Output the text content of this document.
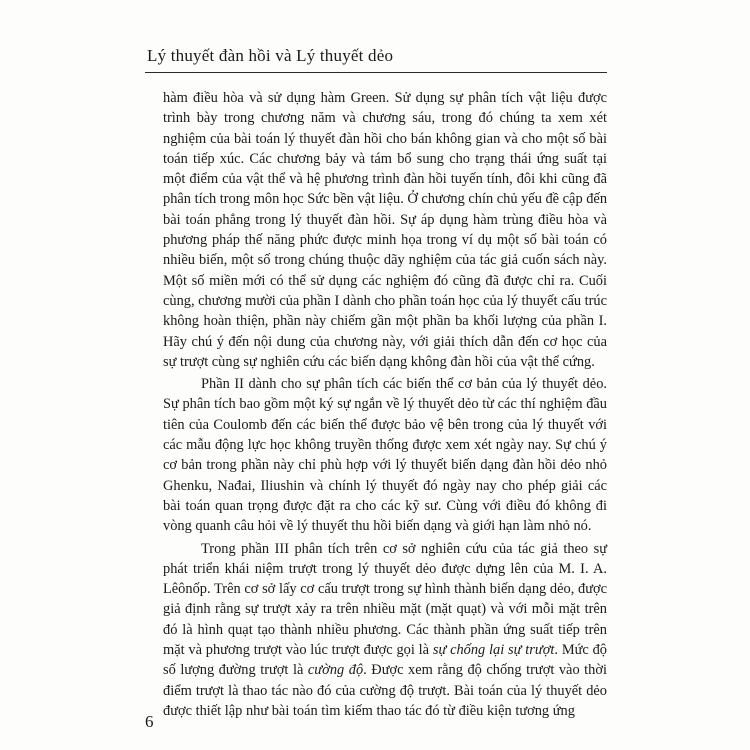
Lý thuyết đàn hồi và Lý thuyết dẻo

hàm điều hòa và sử dụng hàm Green. Sử dụng sự phân tích vật liệu được trình bày trong chương năm và chương sáu, trong đó chúng ta xem xét nghiệm của bài toán lý thuyết đàn hồi cho bán không gian và cho một số bài toán tiếp xúc. Các chương bảy và tám bổ sung cho trạng thái ứng suất tại một điểm của vật thể và hệ phương trình đàn hồi tuyến tính, đôi khi cũng đã phân tích trong môn học Sức bền vật liệu. Ở chương chín chủ yếu đề cập đến bài toán phẳng trong lý thuyết đàn hồi. Sự áp dụng hàm trùng điều hòa và phương pháp thế năng phức được minh họa trong ví dụ một số bài toán có nhiều biến, một số trong chúng thuộc dãy nghiệm của tác giả cuốn sách này. Một số miền mới có thể sử dụng các nghiệm đó cũng đã được chỉ ra. Cuối cùng, chương mười của phần I dành cho phần toán học của lý thuyết cấu trúc không hoàn thiện, phần này chiếm gần một phần ba khối lượng của phần I. Hãy chú ý đến nội dung của chương này, với giải thích dẫn đến cơ học của sự trượt cùng sự nghiên cứu các biến dạng không đàn hồi của vật thể cứng.

Phần II dành cho sự phân tích các biến thể cơ bản của lý thuyết dẻo. Sự phân tích bao gồm một ký sự ngắn về lý thuyết dẻo từ các thí nghiệm đầu tiên của Coulomb đến các biến thể được bảo vệ bên trong của lý thuyết với các mẫu động lực học không truyền thống được xem xét ngày nay. Sự chú ý cơ bản trong phần này chỉ phù hợp với lý thuyết biến dạng đàn hồi dẻo nhỏ Ghenku, Nađai, Iliushin và chính lý thuyết đó ngày nay cho phép giải các bài toán quan trọng được đặt ra cho các kỹ sư. Cùng với điều đó không đi vòng quanh câu hỏi về lý thuyết thu hồi biến dạng và giới hạn làm nhỏ nó.

Trong phần III phân tích trên cơ sở nghiên cứu của tác giả theo sự phát triển khái niệm trượt trong lý thuyết dẻo được dựng lên của M. I. A. Lêônốp. Trên cơ sở lấy cơ cấu trượt trong sự hình thành biến dạng dẻo, được giả định rằng sự trượt xảy ra trên nhiều mặt (mặt quạt) và với mỗi mặt trên đó là hình quạt tạo thành nhiều phương. Các thành phần ứng suất tiếp trên mặt và phương trượt vào lúc trượt được gọi là sự chống lại sự trượt. Mức độ số lượng đường trượt là cường độ. Được xem rằng độ chống trượt vào thời điểm trượt là thao tác nào đó của cường độ trượt. Bài toán của lý thuyết dẻo được thiết lập như bài toán tìm kiếm thao tác đó từ điều kiện tương ứng

6
